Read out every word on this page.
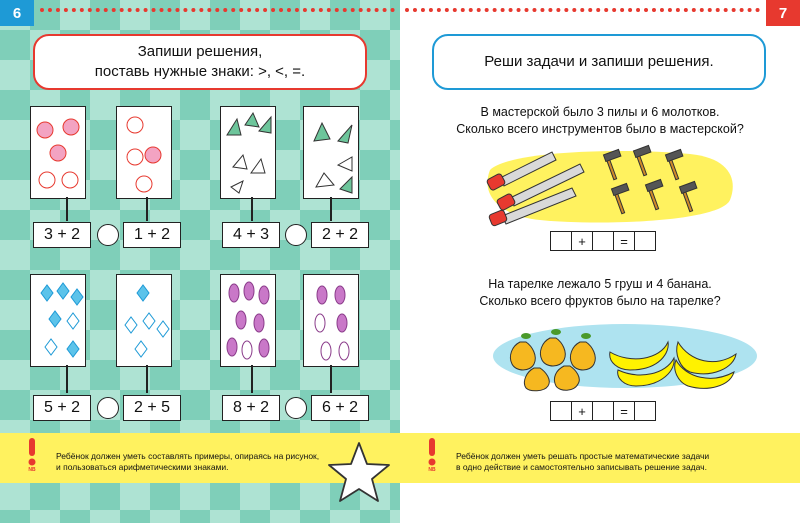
6
Запиши решения,
поставь нужные знаки: >, <, =.
3 + 2	1 + 2	4 + 3	2 + 2
5 + 2	2 + 5	8 + 2	6 + 2
NB
Ребёнок должен уметь составлять примеры, опираясь на рисунок,
и пользоваться арифметическими знаками.
7
Реши задачи и запиши решения.
В мастерской было 3 пилы и 6 молотков.
Сколько всего инструментов было в мастерской?
+	=
На тарелке лежало 5 груш и 4 банана.
Сколько всего фруктов было на тарелке?
+	=
NB
Ребёнок должен уметь решать простые математические задачи
в одно действие и самостоятельно записывать решение задач.
